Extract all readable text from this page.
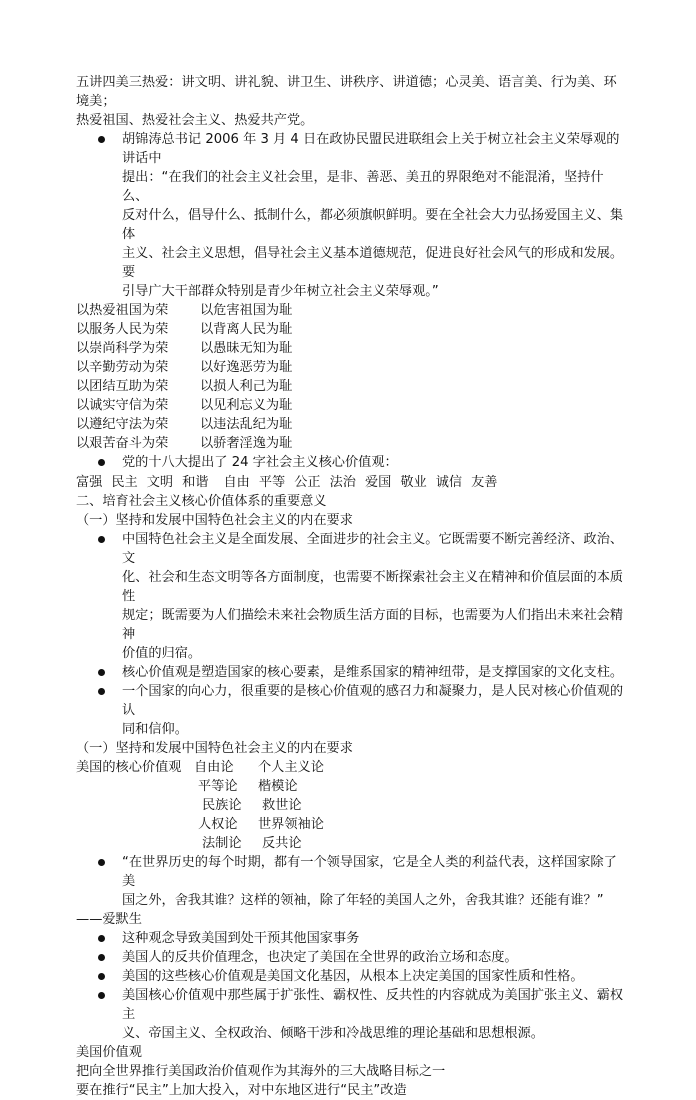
五讲四美三热爱：讲文明、讲礼貌、讲卫生、讲秩序、讲道德；心灵美、语言美、行为美、环境美；

热爱祖国、热爱社会主义、热爱共产党。

胡锦涛总书记 2006 年 3 月 4 日在政协民盟民进联组会上关于树立社会主义荣辱观的讲话中

提出：“在我们的社会主义社会里，是非、善恶、美丑的界限绝对不能混淆，坚持什么、

反对什么，倡导什么、抵制什么，都必须旗帜鲜明。要在全社会大力弘扬爱国主义、集体

主义、社会主义思想，倡导社会主义基本道德规范，促进良好社会风气的形成和发展。要

引导广大干部群众特别是青少年树立社会主义荣辱观。”

以热爱祖国为荣	以危害祖国为耻
以服务人民为荣	以背离人民为耻
以崇尚科学为荣	以愚昧无知为耻
以辛勤劳动为荣	以好逸恶劳为耻
以团结互助为荣	以损人利己为耻
以诚实守信为荣	以见利忘义为耻
以遵纪守法为荣	以违法乱纪为耻
以艰苦奋斗为荣	以骄奢淫逸为耻

党的十八大提出了 24 字社会主义核心价值观：

富强 民主 文明 和谐 自由 平等 公正 法治 爱国 敬业 诚信 友善

二、培育社会主义核心价值体系的重要意义

（一）坚持和发展中国特色社会主义的内在要求

中国特色社会主义是全面发展、全面进步的社会主义。它既需要不断完善经济、政治、文

化、社会和生态文明等各方面制度，也需要不断探索社会主义在精神和价值层面的本质性

规定；既需要为人们描绘未来社会物质生活方面的目标，也需要为人们指出未来社会精神

价值的归宿。

核心价值观是塑造国家的核心要素，是维系国家的精神纽带，是支撑国家的文化支柱。

一个国家的向心力，很重要的是核心价值观的感召力和凝聚力，是人民对核心价值观的认

同和信仰。

（一）坚持和发展中国特色社会主义的内在要求

美国的核心价值观 自由论	个人主义论
平等论	楷模论
民族论	救世论
人权论	世界领袖论
法制论	反共论

“在世界历史的每个时期，都有一个领导国家，它是全人类的利益代表，这样国家除了美

国之外，舍我其谁？这样的领袖，除了年轻的美国人之外，舍我其谁？还能有谁？”

——爱默生

这种观念导致美国到处干预其他国家事务

美国人的反共价值理念，也决定了美国在全世界的政治立场和态度。

美国的这些核心价值观是美国文化基因，从根本上决定美国的国家性质和性格。

美国核心价值观中那些属于扩张性、霸权性、反共性的内容就成为美国扩张主义、霸权主

义、帝国主义、全权政治、倾略干涉和冷战思维的理论基础和思想根源。

美国价值观

把向全世界推行美国政治价值观作为其海外的三大战略目标之一

要在推行“民主”上加大投入，对中东地区进行“民主”改造
